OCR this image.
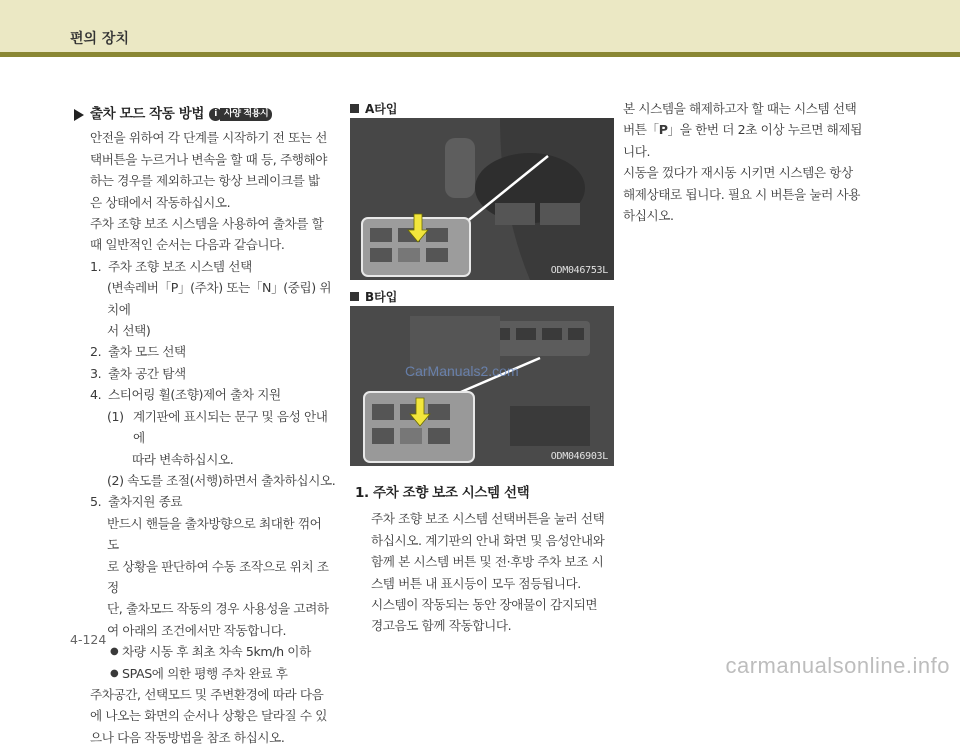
편의 장치
출차 모드 작동 방법	i 사양 적용시

안전을 위하여 각 단계를 시작하기 전 또는 선

택버튼을 누르거나 변속을 할 때 등, 주행해야

하는 경우를 제외하고는 항상 브레이크를 밟

은 상태에서 작동하십시오.

주차 조향 보조 시스템을 사용하여 출차를 할

때 일반적인 순서는 다음과 같습니다.

1. 주차 조향 보조 시스템 선택

(변속레버「P」(주차) 또는「N」(중립) 위치에

서 선택)

2. 출차 모드 선택
3. 출차 공간 탐색
4. 스티어링 휠(조향)제어 출차 지원
(1) 계기판에 표시되는 문구 및 음성 안내에

따라 변속하십시오.

(2) 속도를 조절(서행)하면서 출차하십시오.

5. 출차지원 종료

반드시 핸들을 출차방향으로 최대한 꺾어 도

로 상황을 판단하여 수동 조작으로 위치 조정

단, 출차모드 작동의 경우 사용성을 고려하

여 아래의 조건에서만 작동합니다.

● 차량 시동 후 최초 차속 5km/h 이하
● SPAS에 의한 평행 주차 완료 후

주차공간, 선택모드 및 주변환경에 따라 다음

에 나오는 화면의 순서나 상황은 달라질 수 있

으나 다음 작동방법을 참조 하십시오.

A타입
ODM046753L
B타입
CarManuals2.com
ODM046903L
1. 주차 조향 보조 시스템 선택

주차 조향 보조 시스템 선택버튼을 눌러 선택

하십시오. 계기판의 안내 화면 및 음성안내와

함께 본 시스템 버튼 및 전·후방 주차 보조 시

스템 버튼 내 표시등이 모두 점등됩니다.

시스템이 작동되는 동안 장애물이 감지되면

경고음도 함께 작동합니다.

본 시스템을 해제하고자 할 때는 시스템 선택

버튼「P」을 한번 더 2초 이상 누르면 해제됩

니다.

시동을 껐다가 재시동 시키면 시스템은 항상

해제상태로 됩니다. 필요 시 버튼을 눌러 사용

하십시오.

4-124
carmanualsonline.info
